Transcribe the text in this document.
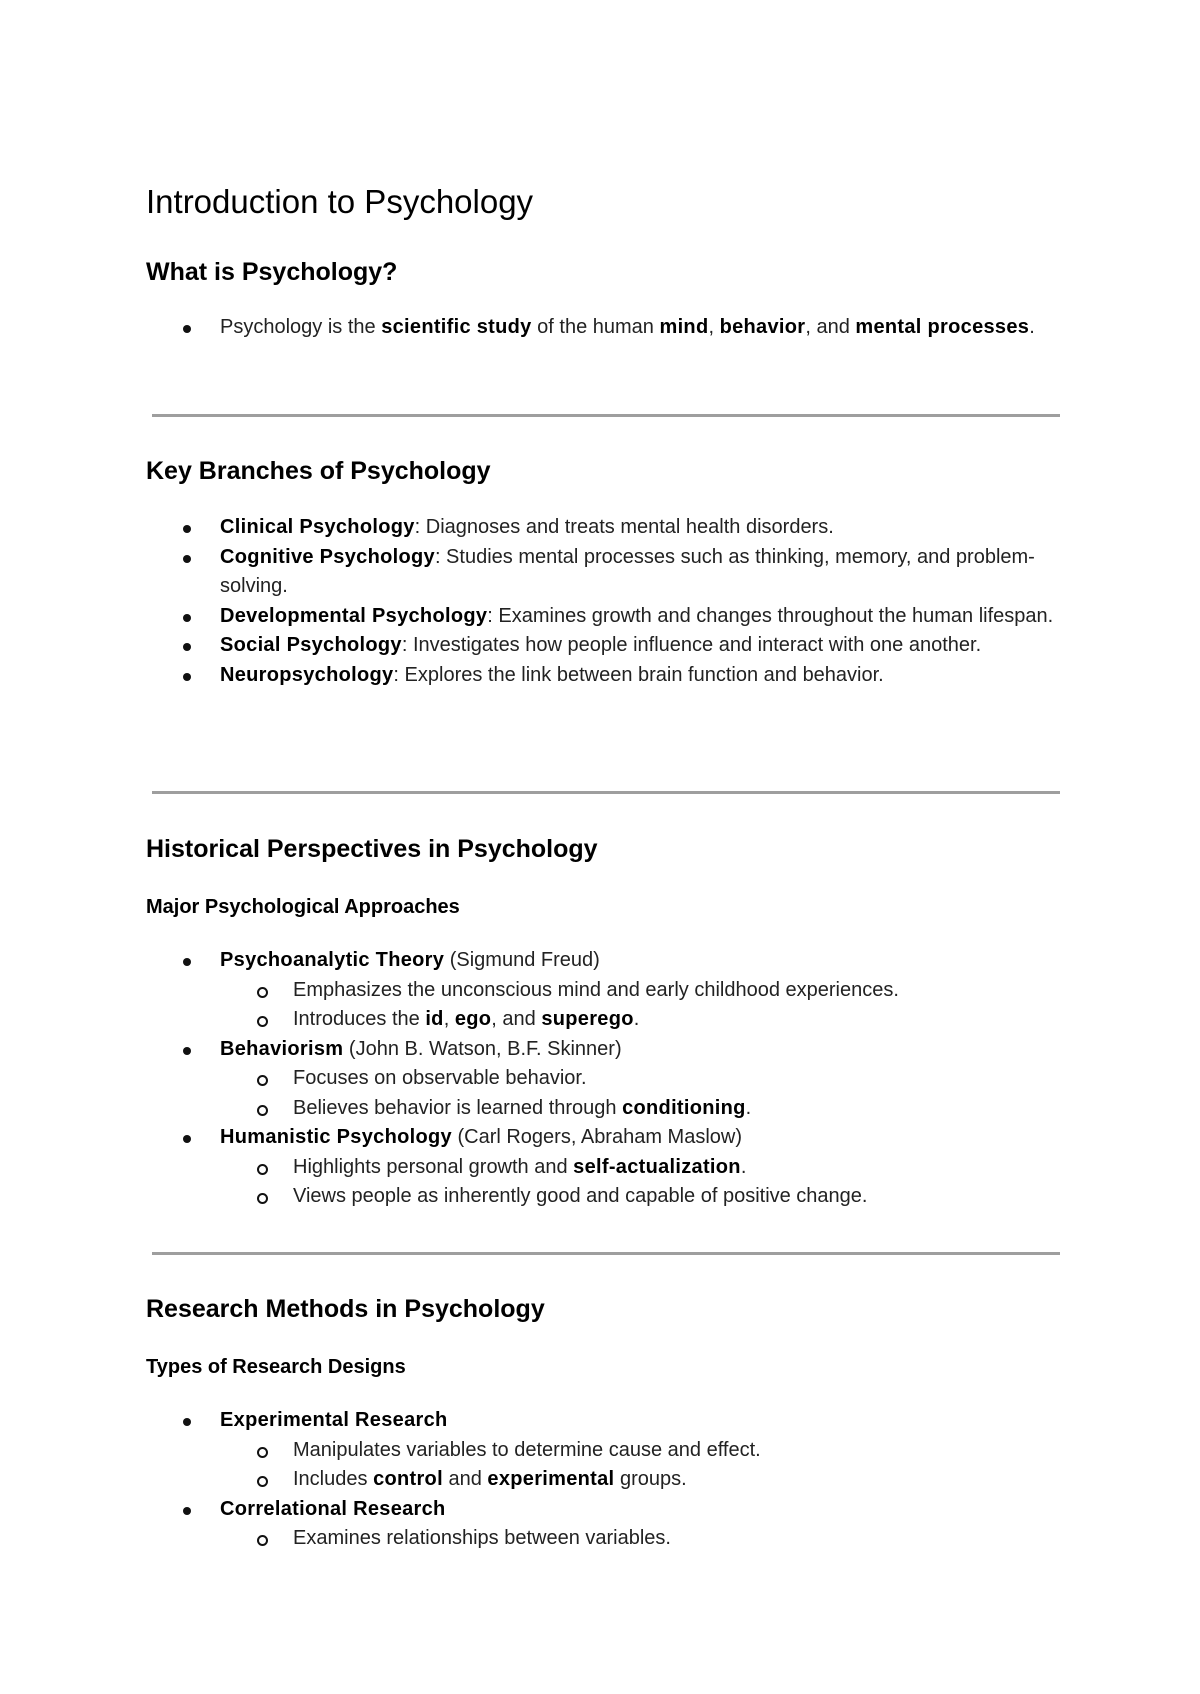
Introduction to Psychology
What is Psychology?
Psychology is the scientific study of the human mind, behavior, and mental processes.
Key Branches of Psychology
Clinical Psychology: Diagnoses and treats mental health disorders.
Cognitive Psychology: Studies mental processes such as thinking, memory, and problem-solving.
Developmental Psychology: Examines growth and changes throughout the human lifespan.
Social Psychology: Investigates how people influence and interact with one another.
Neuropsychology: Explores the link between brain function and behavior.
Historical Perspectives in Psychology
Major Psychological Approaches
Psychoanalytic Theory (Sigmund Freud)
Emphasizes the unconscious mind and early childhood experiences.
Introduces the id, ego, and superego.
Behaviorism (John B. Watson, B.F. Skinner)
Focuses on observable behavior.
Believes behavior is learned through conditioning.
Humanistic Psychology (Carl Rogers, Abraham Maslow)
Highlights personal growth and self-actualization.
Views people as inherently good and capable of positive change.
Research Methods in Psychology
Types of Research Designs
Experimental Research
Manipulates variables to determine cause and effect.
Includes control and experimental groups.
Correlational Research
Examines relationships between variables.
